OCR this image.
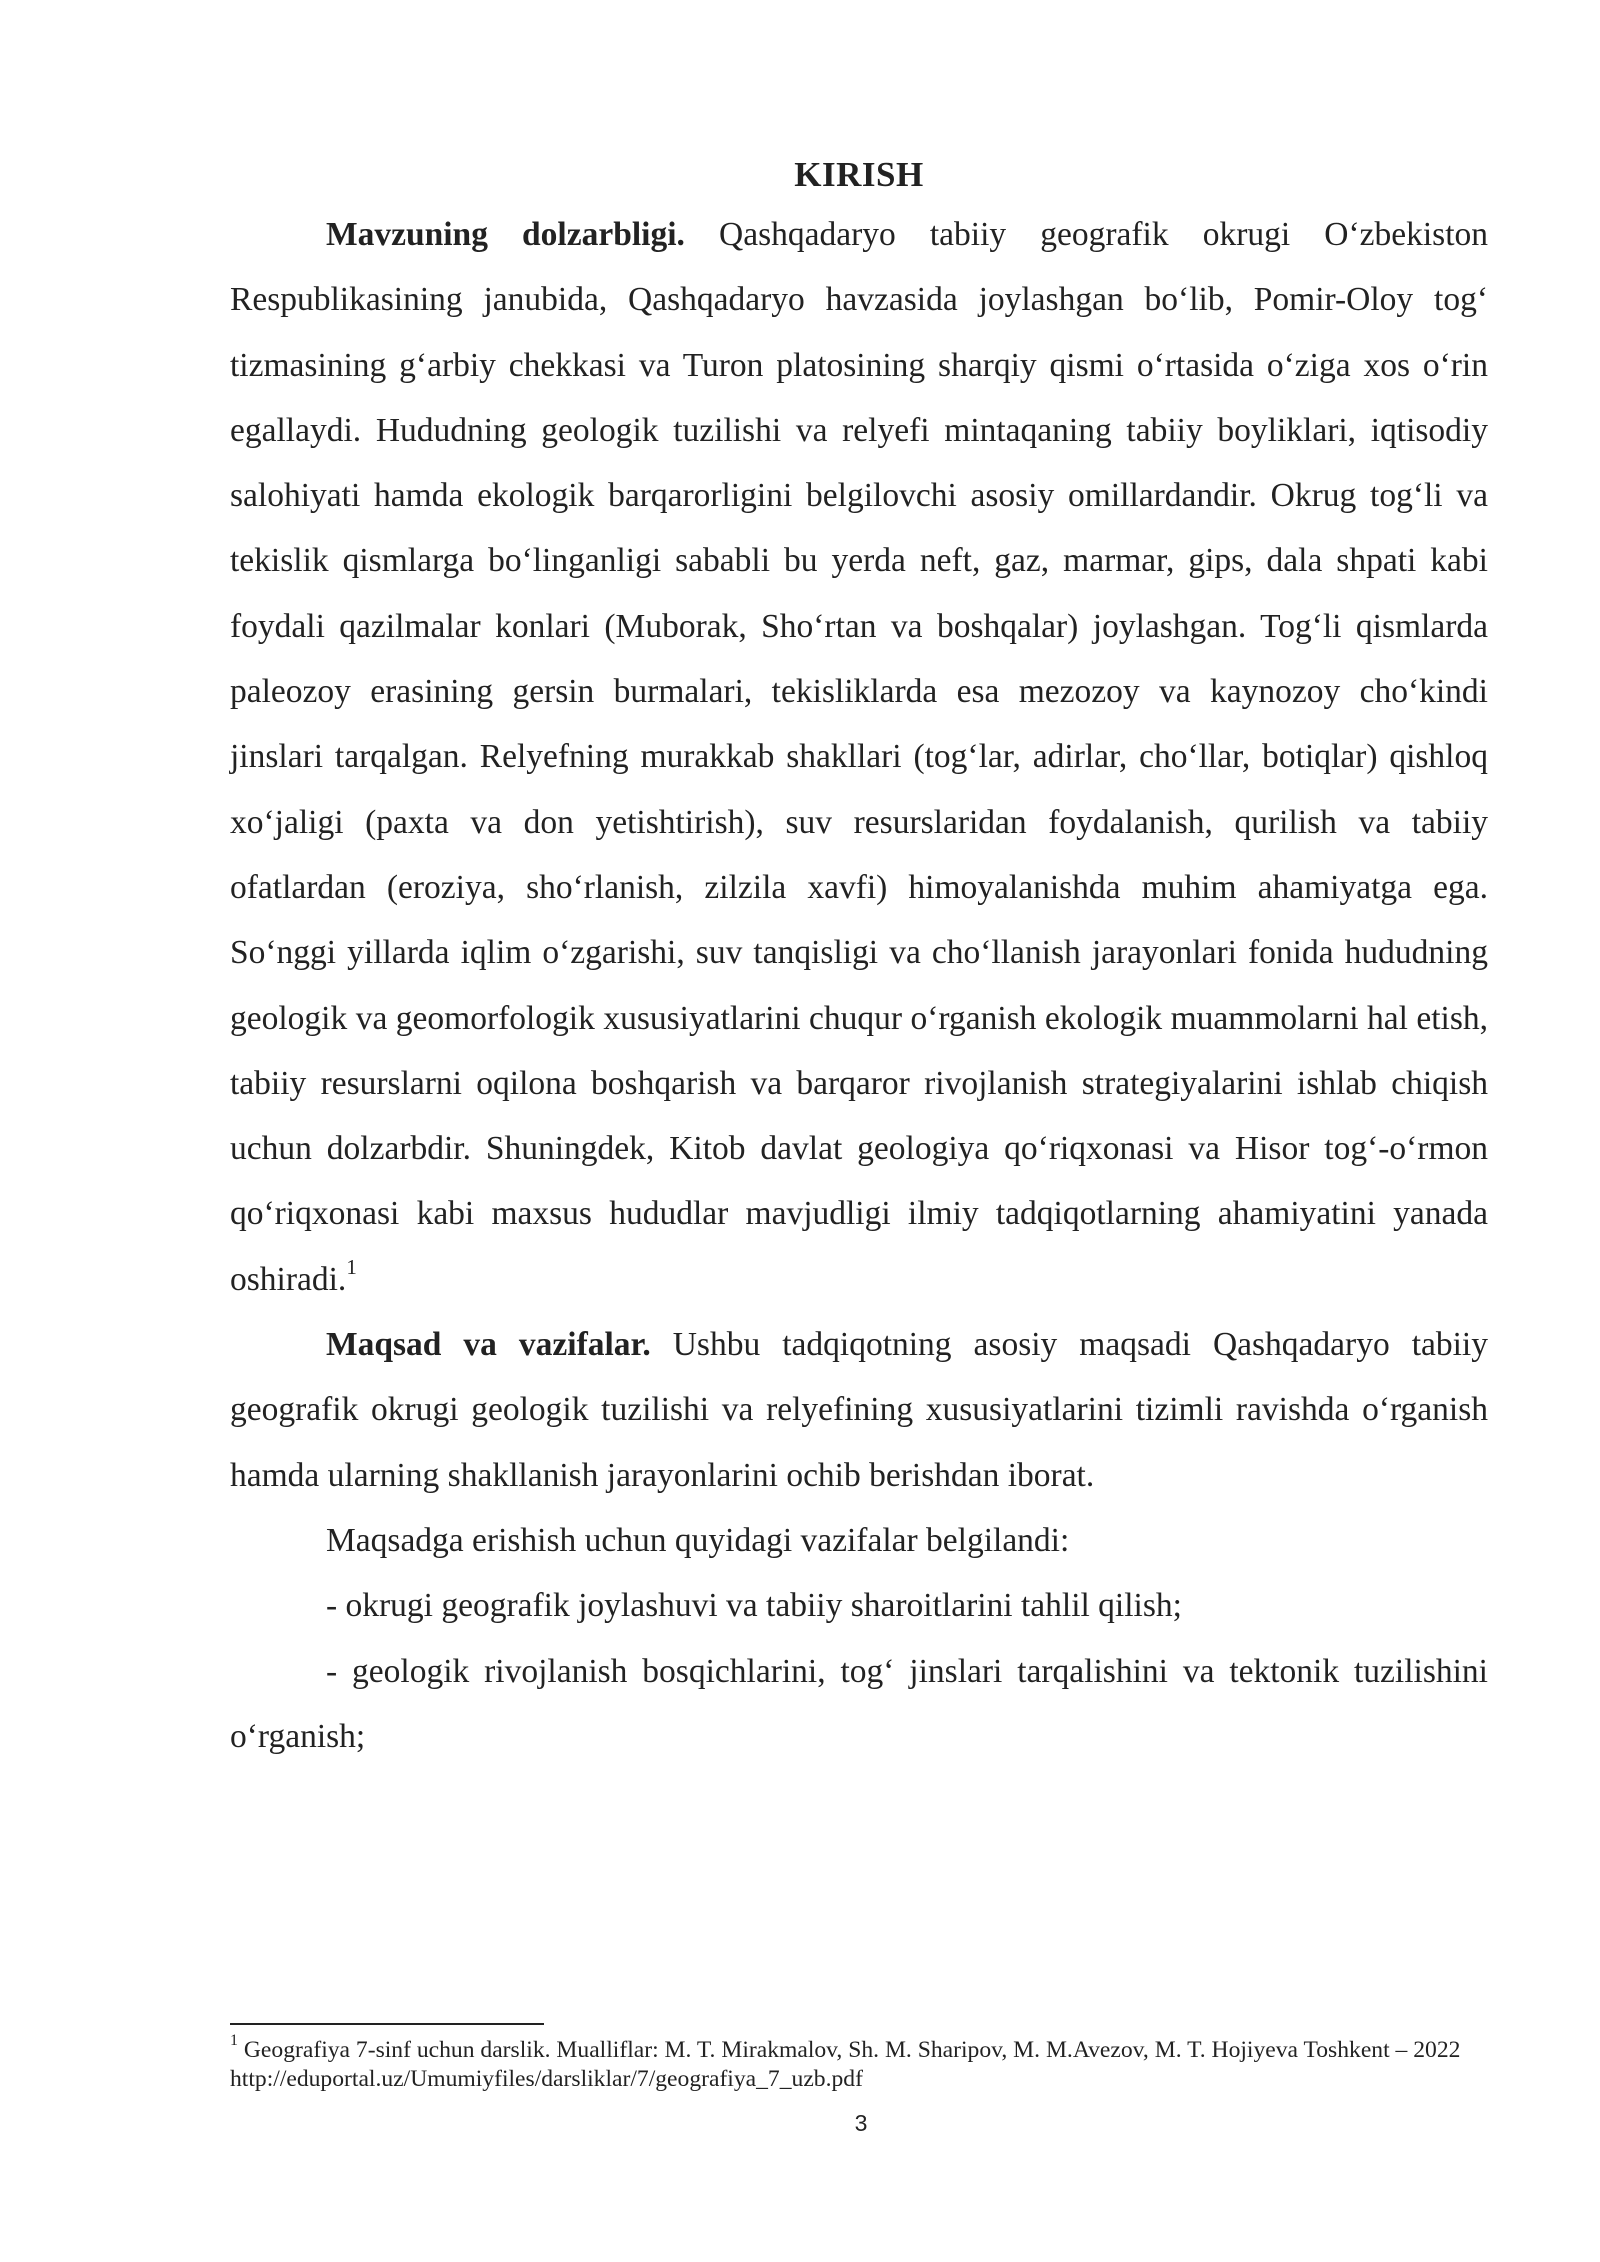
KIRISH

Mavzuning dolzarbligi. Qashqadaryo tabiiy geografik okrugi O‘zbekiston Respublikasining janubida, Qashqadaryo havzasida joylashgan bo‘lib, Pomir-Oloy tog‘ tizmasining g‘arbiy chekkasi va Turon platosining sharqiy qismi o‘rtasida o‘ziga xos o‘rin egallaydi. Hududning geologik tuzilishi va relyefi mintaqaning tabiiy boyliklari, iqtisodiy salohiyati hamda ekologik barqarorligini belgilovchi asosiy omillardandir. Okrug tog‘li va tekislik qismlarga bo‘linganligi sababli bu yerda neft, gaz, marmar, gips, dala shpati kabi foydali qazilmalar konlari (Muborak, Sho‘rtan va boshqalar) joylashgan. Tog‘li qismlarda paleozoy erasining gersin burmalari, tekisliklarda esa mezozoy va kaynozoy cho‘kindi jinslari tarqalgan. Relyefning murakkab shakllari (tog‘lar, adirlar, cho‘llar, botiqlar) qishloq xo‘jaligi (paxta va don yetishtirish), suv resurslaridan foydalanish, qurilish va tabiiy ofatlardan (eroziya, sho‘rlanish, zilzila xavfi) himoyalanishda muhim ahamiyatga ega. So‘nggi yillarda iqlim o‘zgarishi, suv tanqisligi va cho‘llanish jarayonlari fonida hududning geologik va geomorfologik xususiyatlarini chuqur o‘rganish ekologik muammolarni hal etish, tabiiy resurslarni oqilona boshqarish va barqaror rivojlanish strategiyalarini ishlab chiqish uchun dolzarbdir. Shuningdek, Kitob davlat geologiya qo‘riqxonasi va Hisor tog‘-o‘rmon qo‘riqxonasi kabi maxsus hududlar mavjudligi ilmiy tadqiqotlarning ahamiyatini yanada oshiradi.$^1$

Maqsad va vazifalar. Ushbu tadqiqotning asosiy maqsadi Qashqadaryo tabiiy geografik okrugi geologik tuzilishi va relyefining xususiyatlarini tizimli ravishda o‘rganish hamda ularning shakllanish jarayonlarini ochib berishdan iborat.

Maqsadga erishish uchun quyidagi vazifalar belgilandi:

- okrugi geografik joylashuvi va tabiiy sharoitlarini tahlil qilish;

- geologik rivojlanish bosqichlarini, tog‘ jinslari tarqalishini va tektonik tuzilishini o‘rganish;

$^1$ Geografiya 7-sinf uchun darslik. Mualliflar: M. T. Mirakmalov, Sh. M. Sharipov, M. M.Avezov, M. T. Hojiyeva Toshkent – 2022 http://eduportal.uz/Umumiyfiles/darsliklar/7/geografiya_7_uzb.pdf

3
